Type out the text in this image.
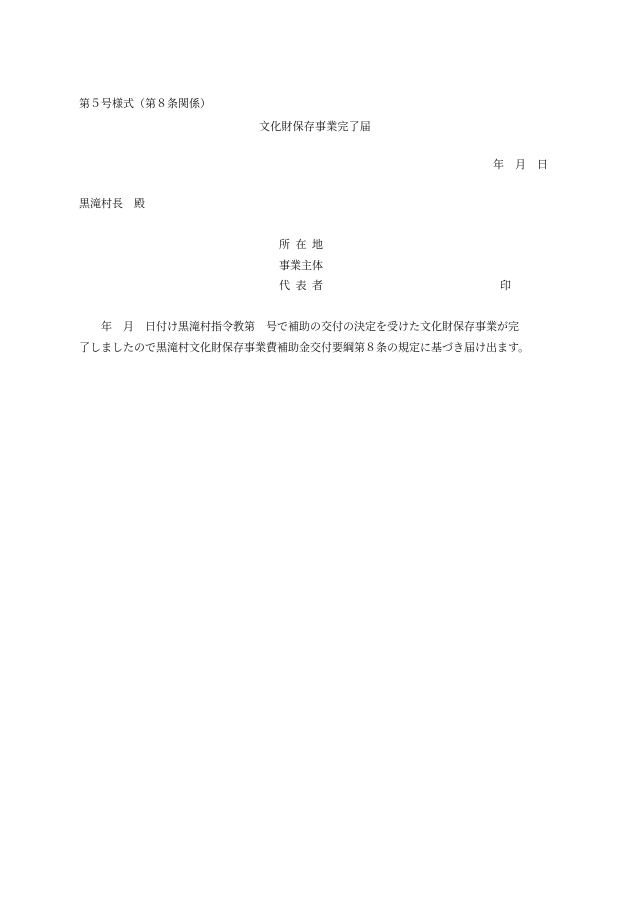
第５号様式（第８条関係）
文化財保存事業完了届
年　月　日
黒滝村長　殿
所 在 地
事業主体
代 表 者	印
年　月　日付け黒滝村指令教第　号で補助の交付の決定を受けた文化財保存事業が完
了しましたので黒滝村文化財保存事業費補助金交付要綱第８条の規定に基づき届け出ます。
